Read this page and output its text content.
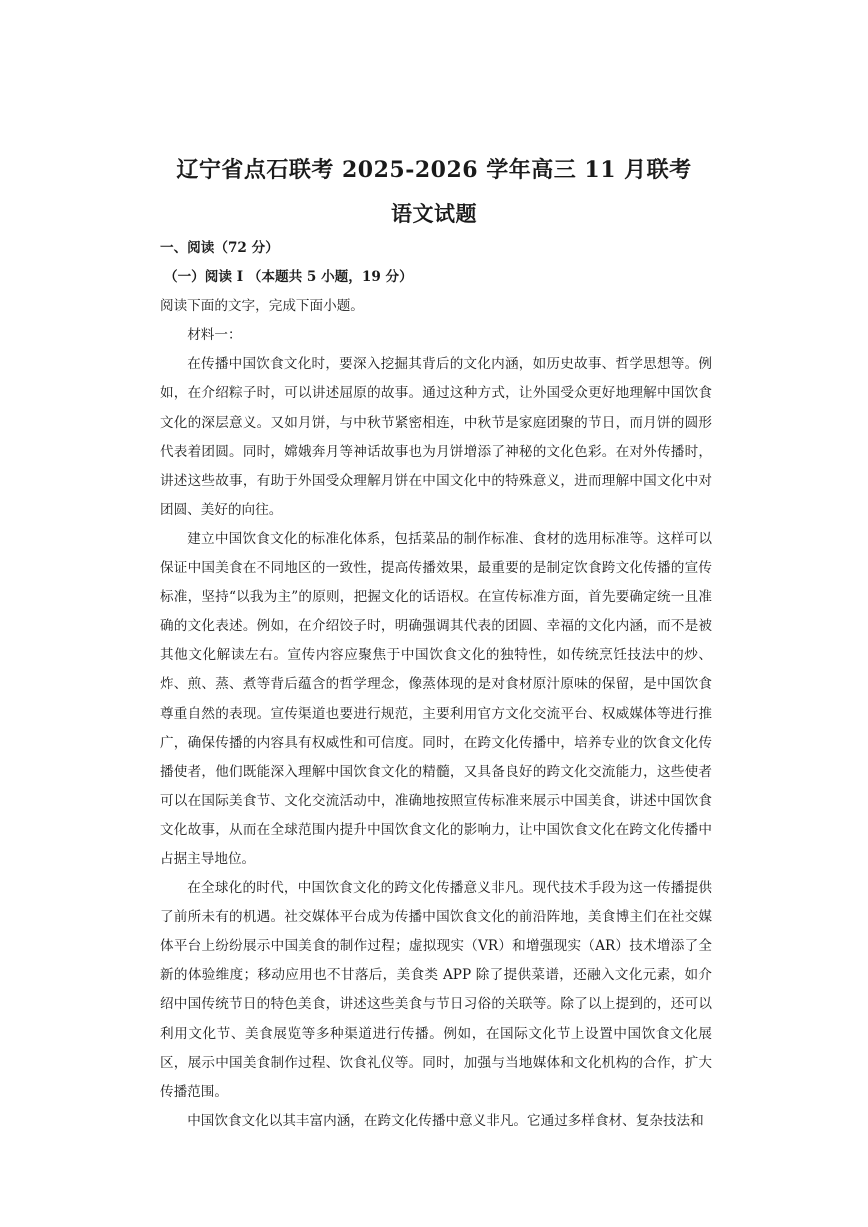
辽宁省点石联考 2025-2026 学年高三 11 月联考
语文试题

一、阅读（72 分）

（一）阅读 I （本题共 5 小题，19 分）

阅读下面的文字，完成下面小题。

材料一：

在传播中国饮食文化时，要深入挖掘其背后的文化内涵，如历史故事、哲学思想等。例如，在介绍粽子时，可以讲述屈原的故事。通过这种方式，让外国受众更好地理解中国饮食文化的深层意义。又如月饼，与中秋节紧密相连，中秋节是家庭团聚的节日，而月饼的圆形代表着团圆。同时，嫦娥奔月等神话故事也为月饼增添了神秘的文化色彩。在对外传播时，讲述这些故事，有助于外国受众理解月饼在中国文化中的特殊意义，进而理解中国文化中对团圆、美好的向往。

建立中国饮食文化的标准化体系，包括菜品的制作标准、食材的选用标准等。这样可以保证中国美食在不同地区的一致性，提高传播效果，最重要的是制定饮食跨文化传播的宣传标准，坚持“以我为主”的原则，把握文化的话语权。在宣传标准方面，首先要确定统一且准确的文化表述。例如，在介绍饺子时，明确强调其代表的团圆、幸福的文化内涵，而不是被其他文化解读左右。宣传内容应聚焦于中国饮食文化的独特性，如传统烹饪技法中的炒、炸、煎、蒸、煮等背后蕴含的哲学理念，像蒸体现的是对食材原汁原味的保留，是中国饮食尊重自然的表现。宣传渠道也要进行规范，主要利用官方文化交流平台、权威媒体等进行推广，确保传播的内容具有权威性和可信度。同时，在跨文化传播中，培养专业的饮食文化传播使者，他们既能深入理解中国饮食文化的精髓，又具备良好的跨文化交流能力，这些使者可以在国际美食节、文化交流活动中，准确地按照宣传标准来展示中国美食，讲述中国饮食文化故事，从而在全球范围内提升中国饮食文化的影响力，让中国饮食文化在跨文化传播中占据主导地位。

在全球化的时代，中国饮食文化的跨文化传播意义非凡。现代技术手段为这一传播提供了前所未有的机遇。社交媒体平台成为传播中国饮食文化的前沿阵地，美食博主们在社交媒体平台上纷纷展示中国美食的制作过程；虚拟现实（VR）和增强现实（AR）技术增添了全新的体验维度；移动应用也不甘落后，美食类 APP 除了提供菜谱，还融入文化元素，如介绍中国传统节日的特色美食，讲述这些美食与节日习俗的关联等。除了以上提到的，还可以利用文化节、美食展览等多种渠道进行传播。例如，在国际文化节上设置中国饮食文化展区，展示中国美食制作过程、饮食礼仪等。同时，加强与当地媒体和文化机构的合作，扩大传播范围。

中国饮食文化以其丰富内涵，在跨文化传播中意义非凡。它通过多样食材、复杂技法和
